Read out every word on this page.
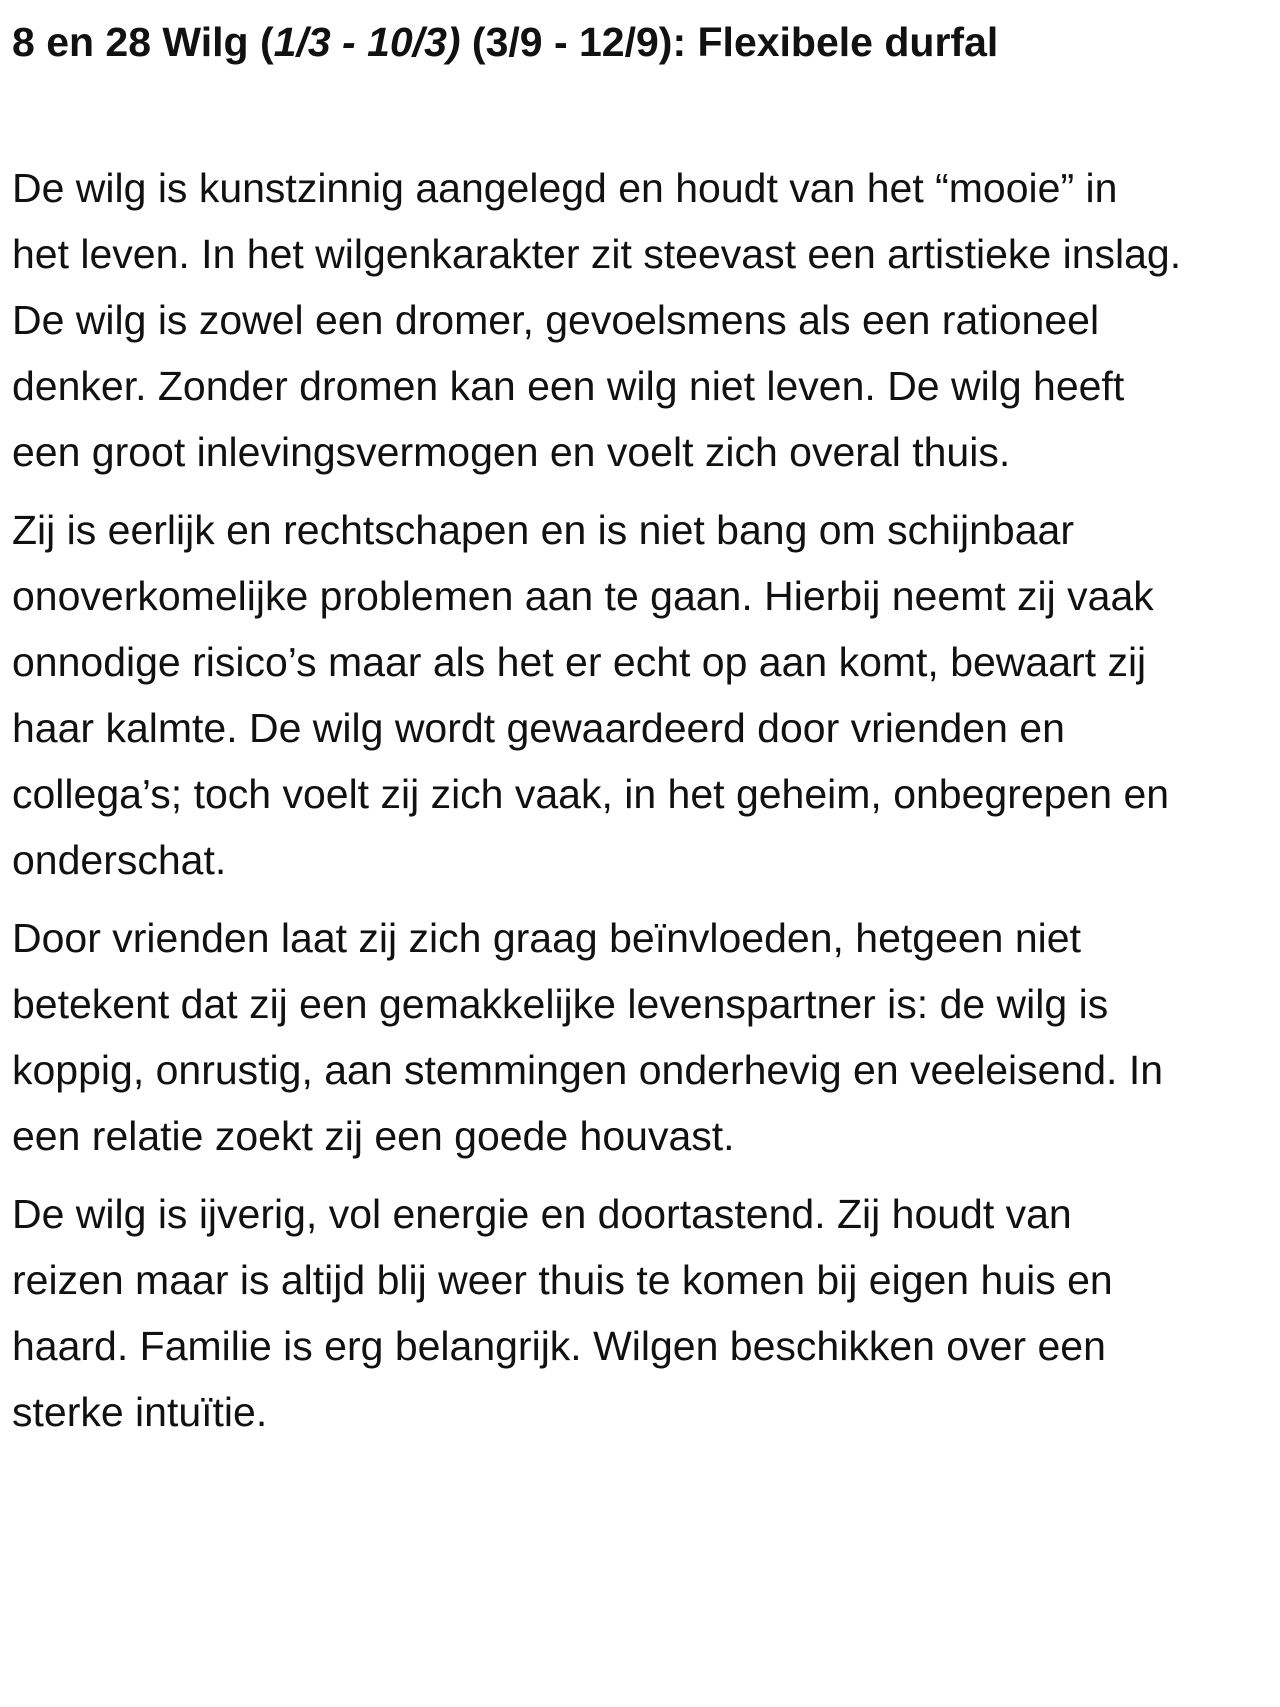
8 en 28 Wilg (1/3 - 10/3) (3/9 - 12/9): Flexibele durfal

De wilg is kunstzinnig aangelegd en houdt van het “mooie” in
het leven. In het wilgenkarakter zit steevast een artistieke inslag.
De wilg is zowel een dromer, gevoelsmens als een rationeel
denker. Zonder dromen kan een wilg niet leven. De wilg heeft
een groot inlevingsvermogen en voelt zich overal thuis.

Zij is eerlijk en rechtschapen en is niet bang om schijnbaar
onoverkomelijke problemen aan te gaan. Hierbij neemt zij vaak
onnodige risico’s maar als het er echt op aan komt, bewaart zij
haar kalmte. De wilg wordt gewaardeerd door vrienden en
collega’s; toch voelt zij zich vaak, in het geheim, onbegrepen en
onderschat.

Door vrienden laat zij zich graag beïnvloeden, hetgeen niet
betekent dat zij een gemakkelijke levenspartner is: de wilg is
koppig, onrustig, aan stemmingen onderhevig en veeleisend. In
een relatie zoekt zij een goede houvast.

De wilg is ijverig, vol energie en doortastend. Zij houdt van
reizen maar is altijd blij weer thuis te komen bij eigen huis en
haard. Familie is erg belangrijk. Wilgen beschikken over een
sterke intuïtie.
